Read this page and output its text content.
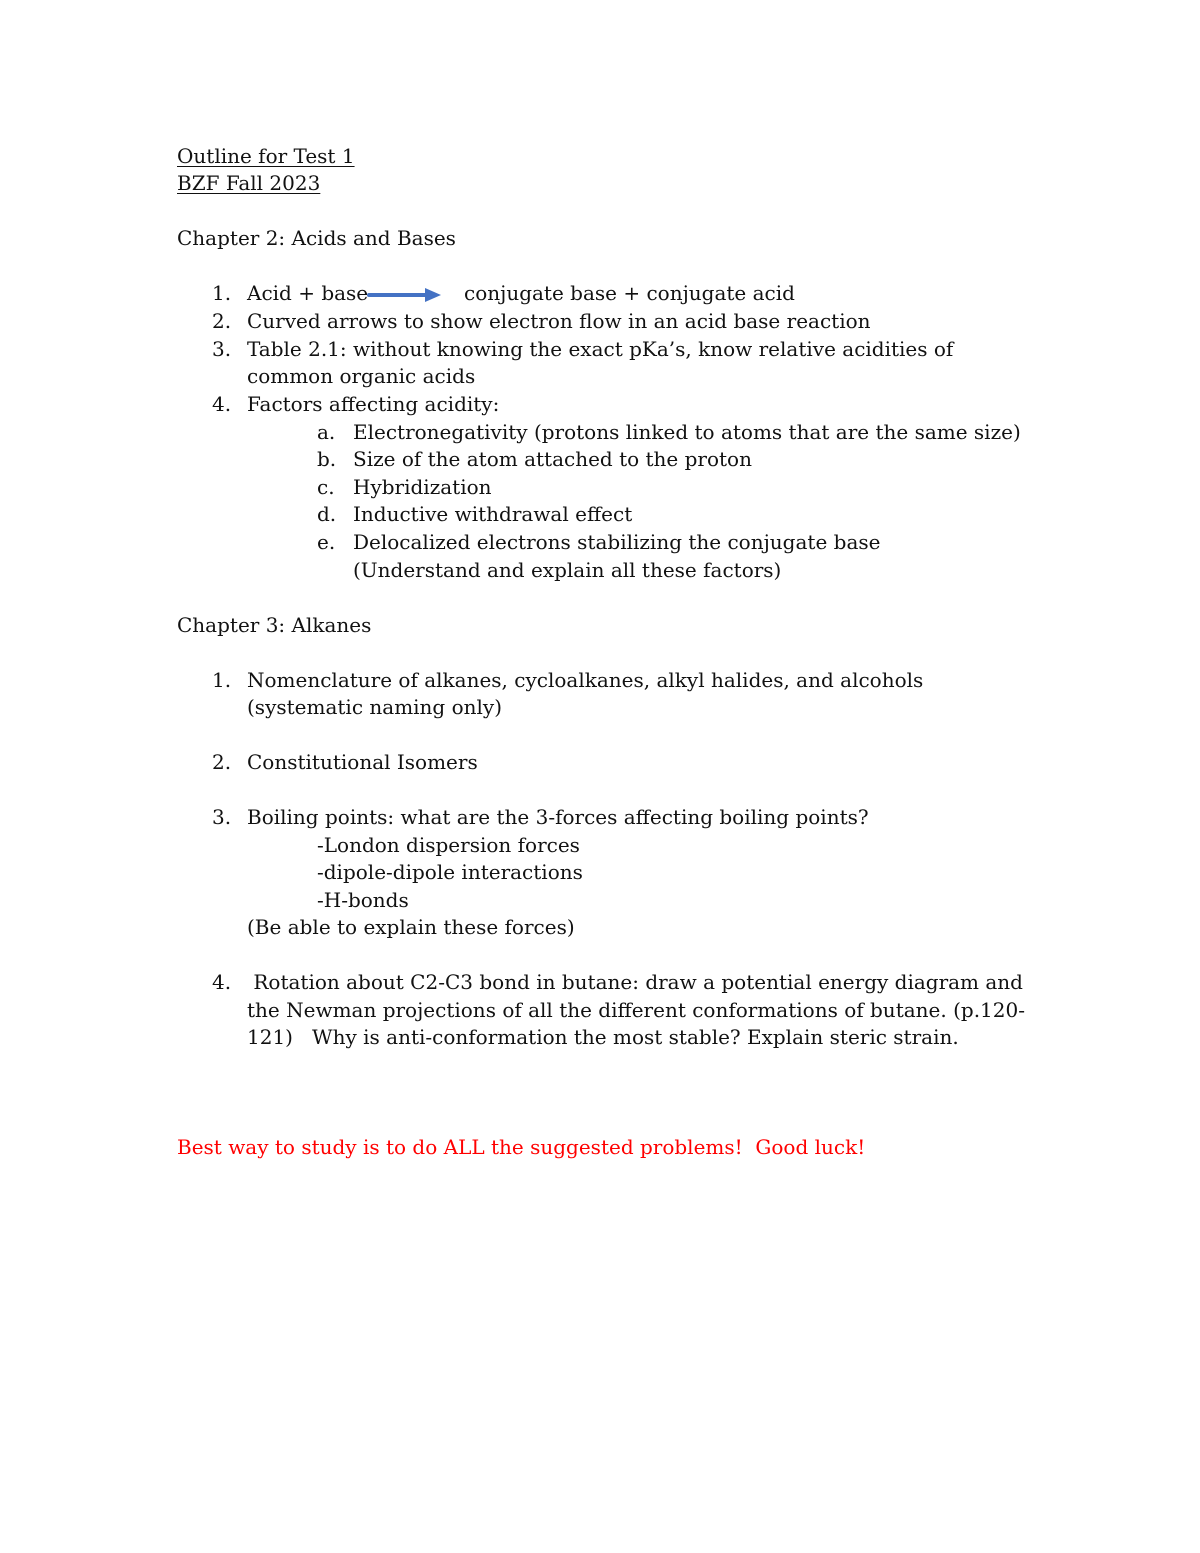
Outline for Test 1
BZF Fall 2023
Chapter 2: Acids and Bases
1. Acid + base → conjugate base + conjugate acid
2. Curved arrows to show electron flow in an acid base reaction
3. Table 2.1: without knowing the exact pKa’s, know relative acidities of
common organic acids
4. Factors affecting acidity:
a. Electronegativity (protons linked to atoms that are the same size)
b. Size of the atom attached to the proton
c. Hybridization
d. Inductive withdrawal effect
e. Delocalized electrons stabilizing the conjugate base
(Understand and explain all these factors)
Chapter 3: Alkanes
1. Nomenclature of alkanes, cycloalkanes, alkyl halides, and alcohols
(systematic naming only)
2. Constitutional Isomers
3. Boiling points: what are the 3-forces affecting boiling points?
-London dispersion forces
-dipole-dipole interactions
-H-bonds
(Be able to explain these forces)
4. Rotation about C2-C3 bond in butane: draw a potential energy diagram and
the Newman projections of all the different conformations of butane. (p.120-
121)   Why is anti-conformation the most stable? Explain steric strain.
Best way to study is to do ALL the suggested problems!  Good luck!
